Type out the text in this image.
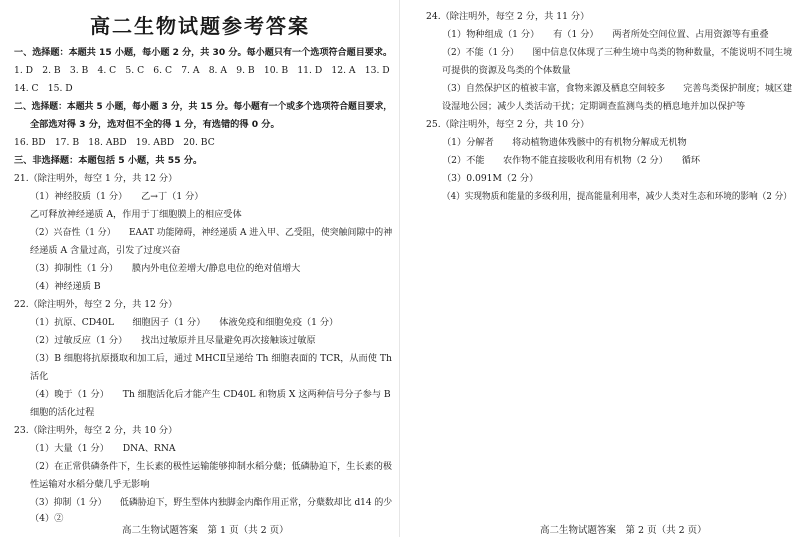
高二生物试题参考答案
一、选择题：本题共 15 小题，每小题 2 分，共 30 分。每小题只有一个选项符合题目要求。
1. D　2. B　3. B　4. C　5. C　6. C　7. A　8. A　9. B　10. B　11. D　12. A　13. D
14. C　15. D
二、选择题：本题共 5 小题，每小题 3 分，共 15 分。每小题有一个或多个选项符合题目要求，
全部选对得 3 分，选对但不全的得 1 分，有选错的得 0 分。
16. BD　17. B　18. ABD　19. ABD　20. BC
三、非选择题：本题包括 5 小题，共 55 分。
21.（除注明外，每空 1 分，共 12 分）
（1）神经胶质（1 分）　　乙→丁（1 分）
乙可释放神经递质 A，作用于丁细胞膜上的相应受体
（2）兴奋性（1 分）　　EAAT 功能障碍，神经递质 A 进入甲、乙受阻，使突触间隙中的神
经递质 A 含量过高，引发了过度兴奋
（3）抑制性（1 分）　　膜内外电位差增大/静息电位的绝对值增大
（4）神经递质 B
22.（除注明外，每空 2 分，共 12 分）
（1）抗原、CD40L　　细胞因子（1 分）　　体液免疫和细胞免疫（1 分）
（2）过敏反应（1 分）　　找出过敏原并且尽量避免再次接触该过敏原
（3）B 细胞将抗原摄取和加工后，通过 MHCⅡ呈递给 Th 细胞表面的 TCR，从而使 Th
活化
（4）晚于（1 分）　　Th 细胞活化后才能产生 CD40L 和物质 X 这两种信号分子参与 B
细胞的活化过程
23.（除注明外，每空 2 分，共 10 分）
（1）大量（1 分）　　DNA、RNA
（2）在正常供磷条件下，生长素的极性运输能够抑制水稻分蘖；低磷胁迫下，生长素的极
性运输对水稻分蘖几乎无影响
（3）抑制（1 分）　　低磷胁迫下，野生型体内独脚金内酯作用正常，分蘖数却比 d14 的少
（4）②
高二生物试题答案　第 1 页（共 2 页）
24.（除注明外，每空 2 分，共 11 分）
（1）物种组成（1 分）　　有（1 分）　　两者所处空间位置、占用资源等有重叠
（2）不能（1 分）　　图中信息仅体现了三种生境中鸟类的物种数量，不能说明不同生境
可提供的资源及鸟类的个体数量
（3）自然保护区的植被丰富，食物来源及栖息空间较多　　完善鸟类保护制度；城区建
设湿地公园；减少人类活动干扰；定期调查监测鸟类的栖息地并加以保护等
25.（除注明外，每空 2 分，共 10 分）
（1）分解者　　将动植物遗体残骸中的有机物分解成无机物
（2）不能　　农作物不能直接吸收利用有机物（2 分）　　循环
（3）0.091M（2 分）
（4）实现物质和能量的多级利用，提高能量利用率，减少人类对生态和环境的影响（2 分）
高二生物试题答案　第 2 页（共 2 页）
